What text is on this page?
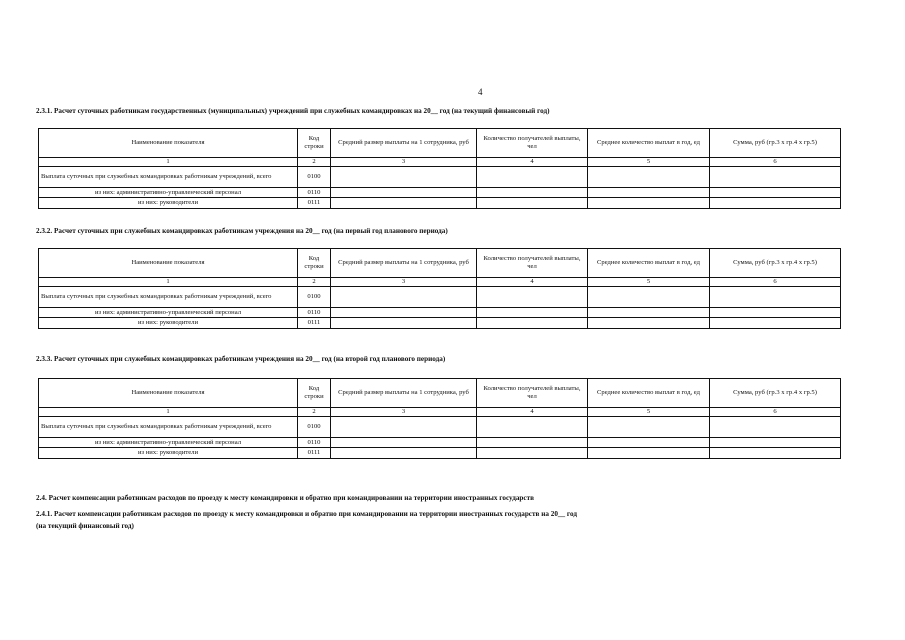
4
2.3.1. Расчет суточных работникам государственных (муниципальных) учреждений при служебных командировках на 20__ год (на текущий финансовый год)
Наименование показателя	Код строки	Средний размер выплаты на 1 сотрудника, руб	Количество получателей выплаты, чел	Среднее количество выплат в год, ед	Сумма, руб (гр.3 х гр.4 х гр.5)
1	2	3	4	5	6
Выплата суточных при служебных командировках работникам учреждений, всего	0100				
из них: административно-управленческий персонал	0110				
из них: руководители	0111				
2.3.2. Расчет суточных при служебных командировках работникам учреждения на 20__ год (на первый год планового периода)
Наименование показателя	Код строки	Средний размер выплаты на 1 сотрудника, руб	Количество получателей выплаты, чел	Среднее количество выплат в год, ед	Сумма, руб (гр.3 х гр.4 х гр.5)
1	2	3	4	5	6
Выплата суточных при служебных командировках работникам учреждений, всего	0100				
из них: административно-управленческий персонал	0110				
из них: руководители	0111				
2.3.3. Расчет суточных при служебных командировках работникам учреждения на 20__ год (на второй год планового периода)
Наименование показателя	Код строки	Средний размер выплаты на 1 сотрудника, руб	Количество получателей выплаты, чел	Среднее количество выплат в год, ед	Сумма, руб (гр.3 х гр.4 х гр.5)
1	2	3	4	5	6
Выплата суточных при служебных командировках работникам учреждений, всего	0100				
из них: административно-управленческий персонал	0110				
из них: руководители	0111				
2.4. Расчет компенсации работникам расходов по проезду к месту командировки и обратно при командировании на территории иностранных государств
2.4.1. Расчет компенсации работникам расходов по проезду к месту командировки и обратно при командировании на территории иностранных государств на 20__ год
(на текущий финансовый год)
